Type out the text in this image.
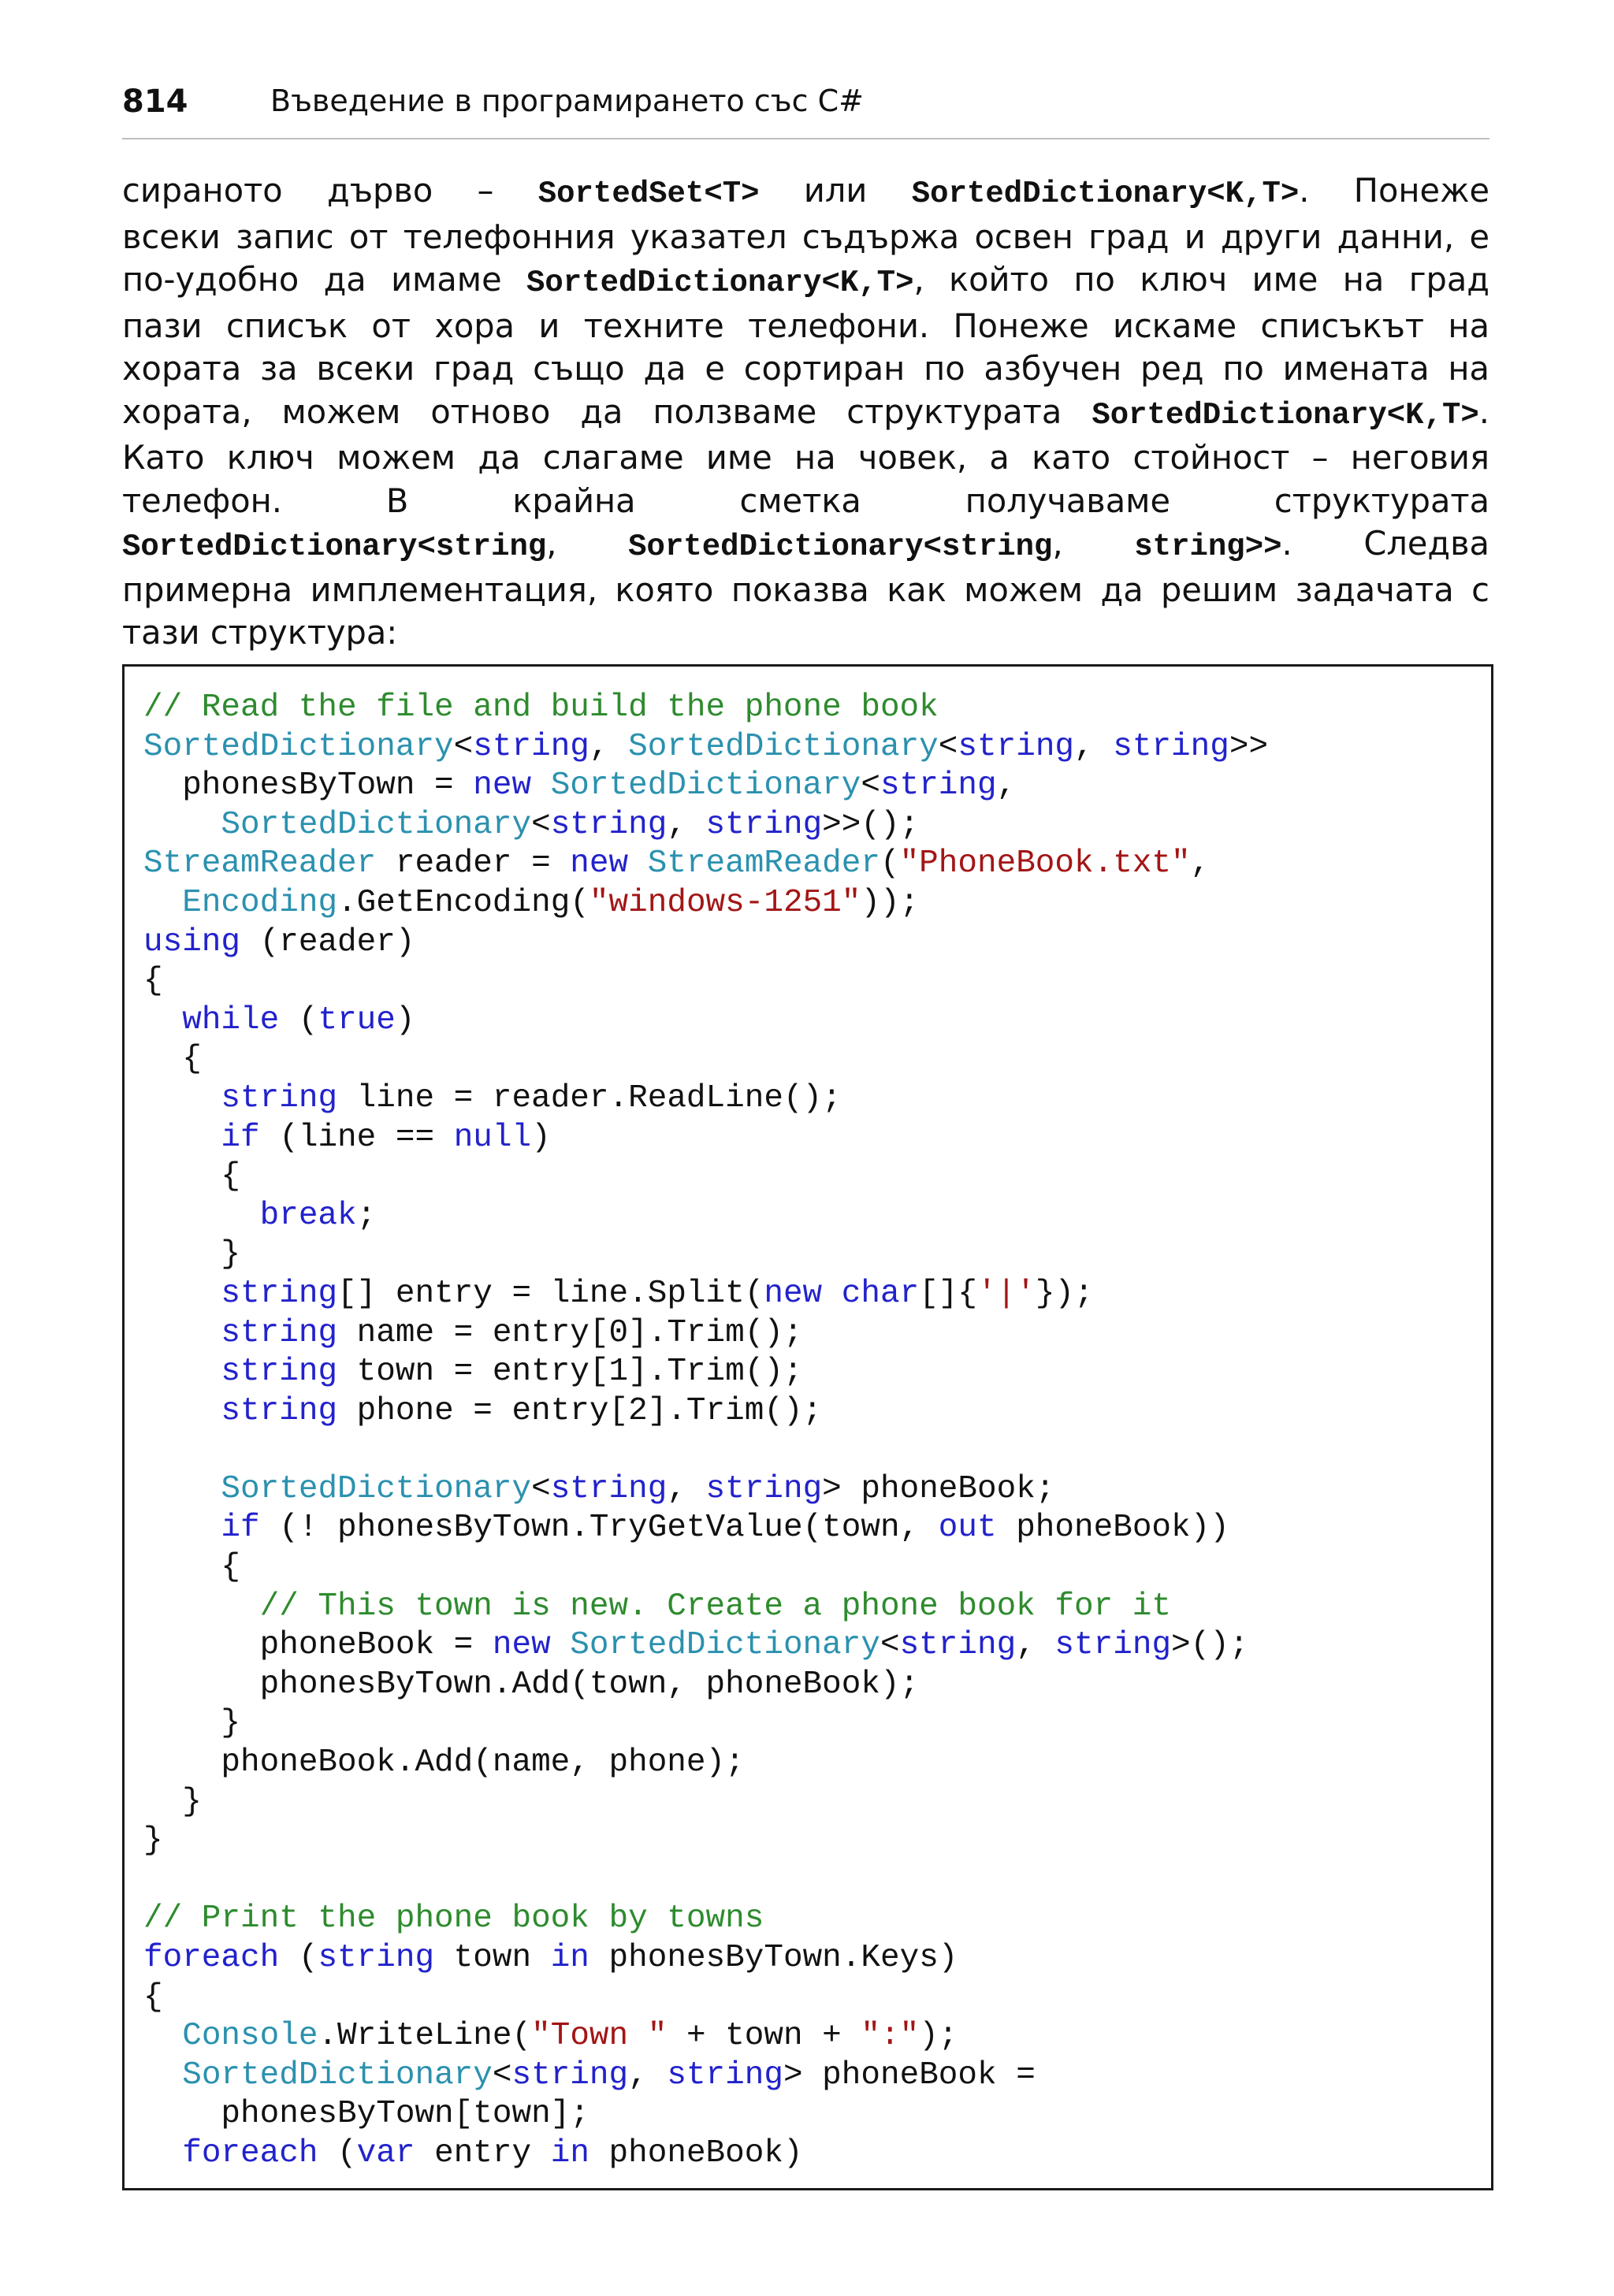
814	Въведение в програмирането със C#
сираното дърво – SortedSet<T> или SortedDictionary<K,T>. Понеже
всеки запис от телефонния указател съдържа освен град и други данни, е
по-удобно да имаме SortedDictionary<K,T>, който по ключ име на град
пази списък от хора и техните телефони. Понеже искаме списъкът на
хората за всеки град също да е сортиран по азбучен ред по имената на
хората, можем отново да ползваме структурата SortedDictionary<K,T>.
Като ключ можем да слагаме име на човек, а като стойност – неговия
телефон. В крайна сметка получаваме структурата
SortedDictionary<string, SortedDictionary<string, string>>. Следва
примерна имплементация, която показва как можем да решим задачата с
тази структура:
// Read the file and build the phone book
SortedDictionary<string, SortedDictionary<string, string>>
phonesByTown = new SortedDictionary<string,
SortedDictionary<string, string>>();
StreamReader reader = new StreamReader("PhoneBook.txt",
Encoding.GetEncoding("windows-1251"));
using (reader)
{
while (true)
{
string line = reader.ReadLine();
if (line == null)
{
break;
}
string[] entry = line.Split(new char[]{'|'});
string name = entry[0].Trim();
string town = entry[1].Trim();
string phone = entry[2].Trim();
SortedDictionary<string, string> phoneBook;
if (! phonesByTown.TryGetValue(town, out phoneBook))
{
// This town is new. Create a phone book for it
phoneBook = new SortedDictionary<string, string>();
phonesByTown.Add(town, phoneBook);
}
phoneBook.Add(name, phone);
}
}
// Print the phone book by towns
foreach (string town in phonesByTown.Keys)
{
Console.WriteLine("Town " + town + ":");
SortedDictionary<string, string> phoneBook =
phonesByTown[town];
foreach (var entry in phoneBook)
